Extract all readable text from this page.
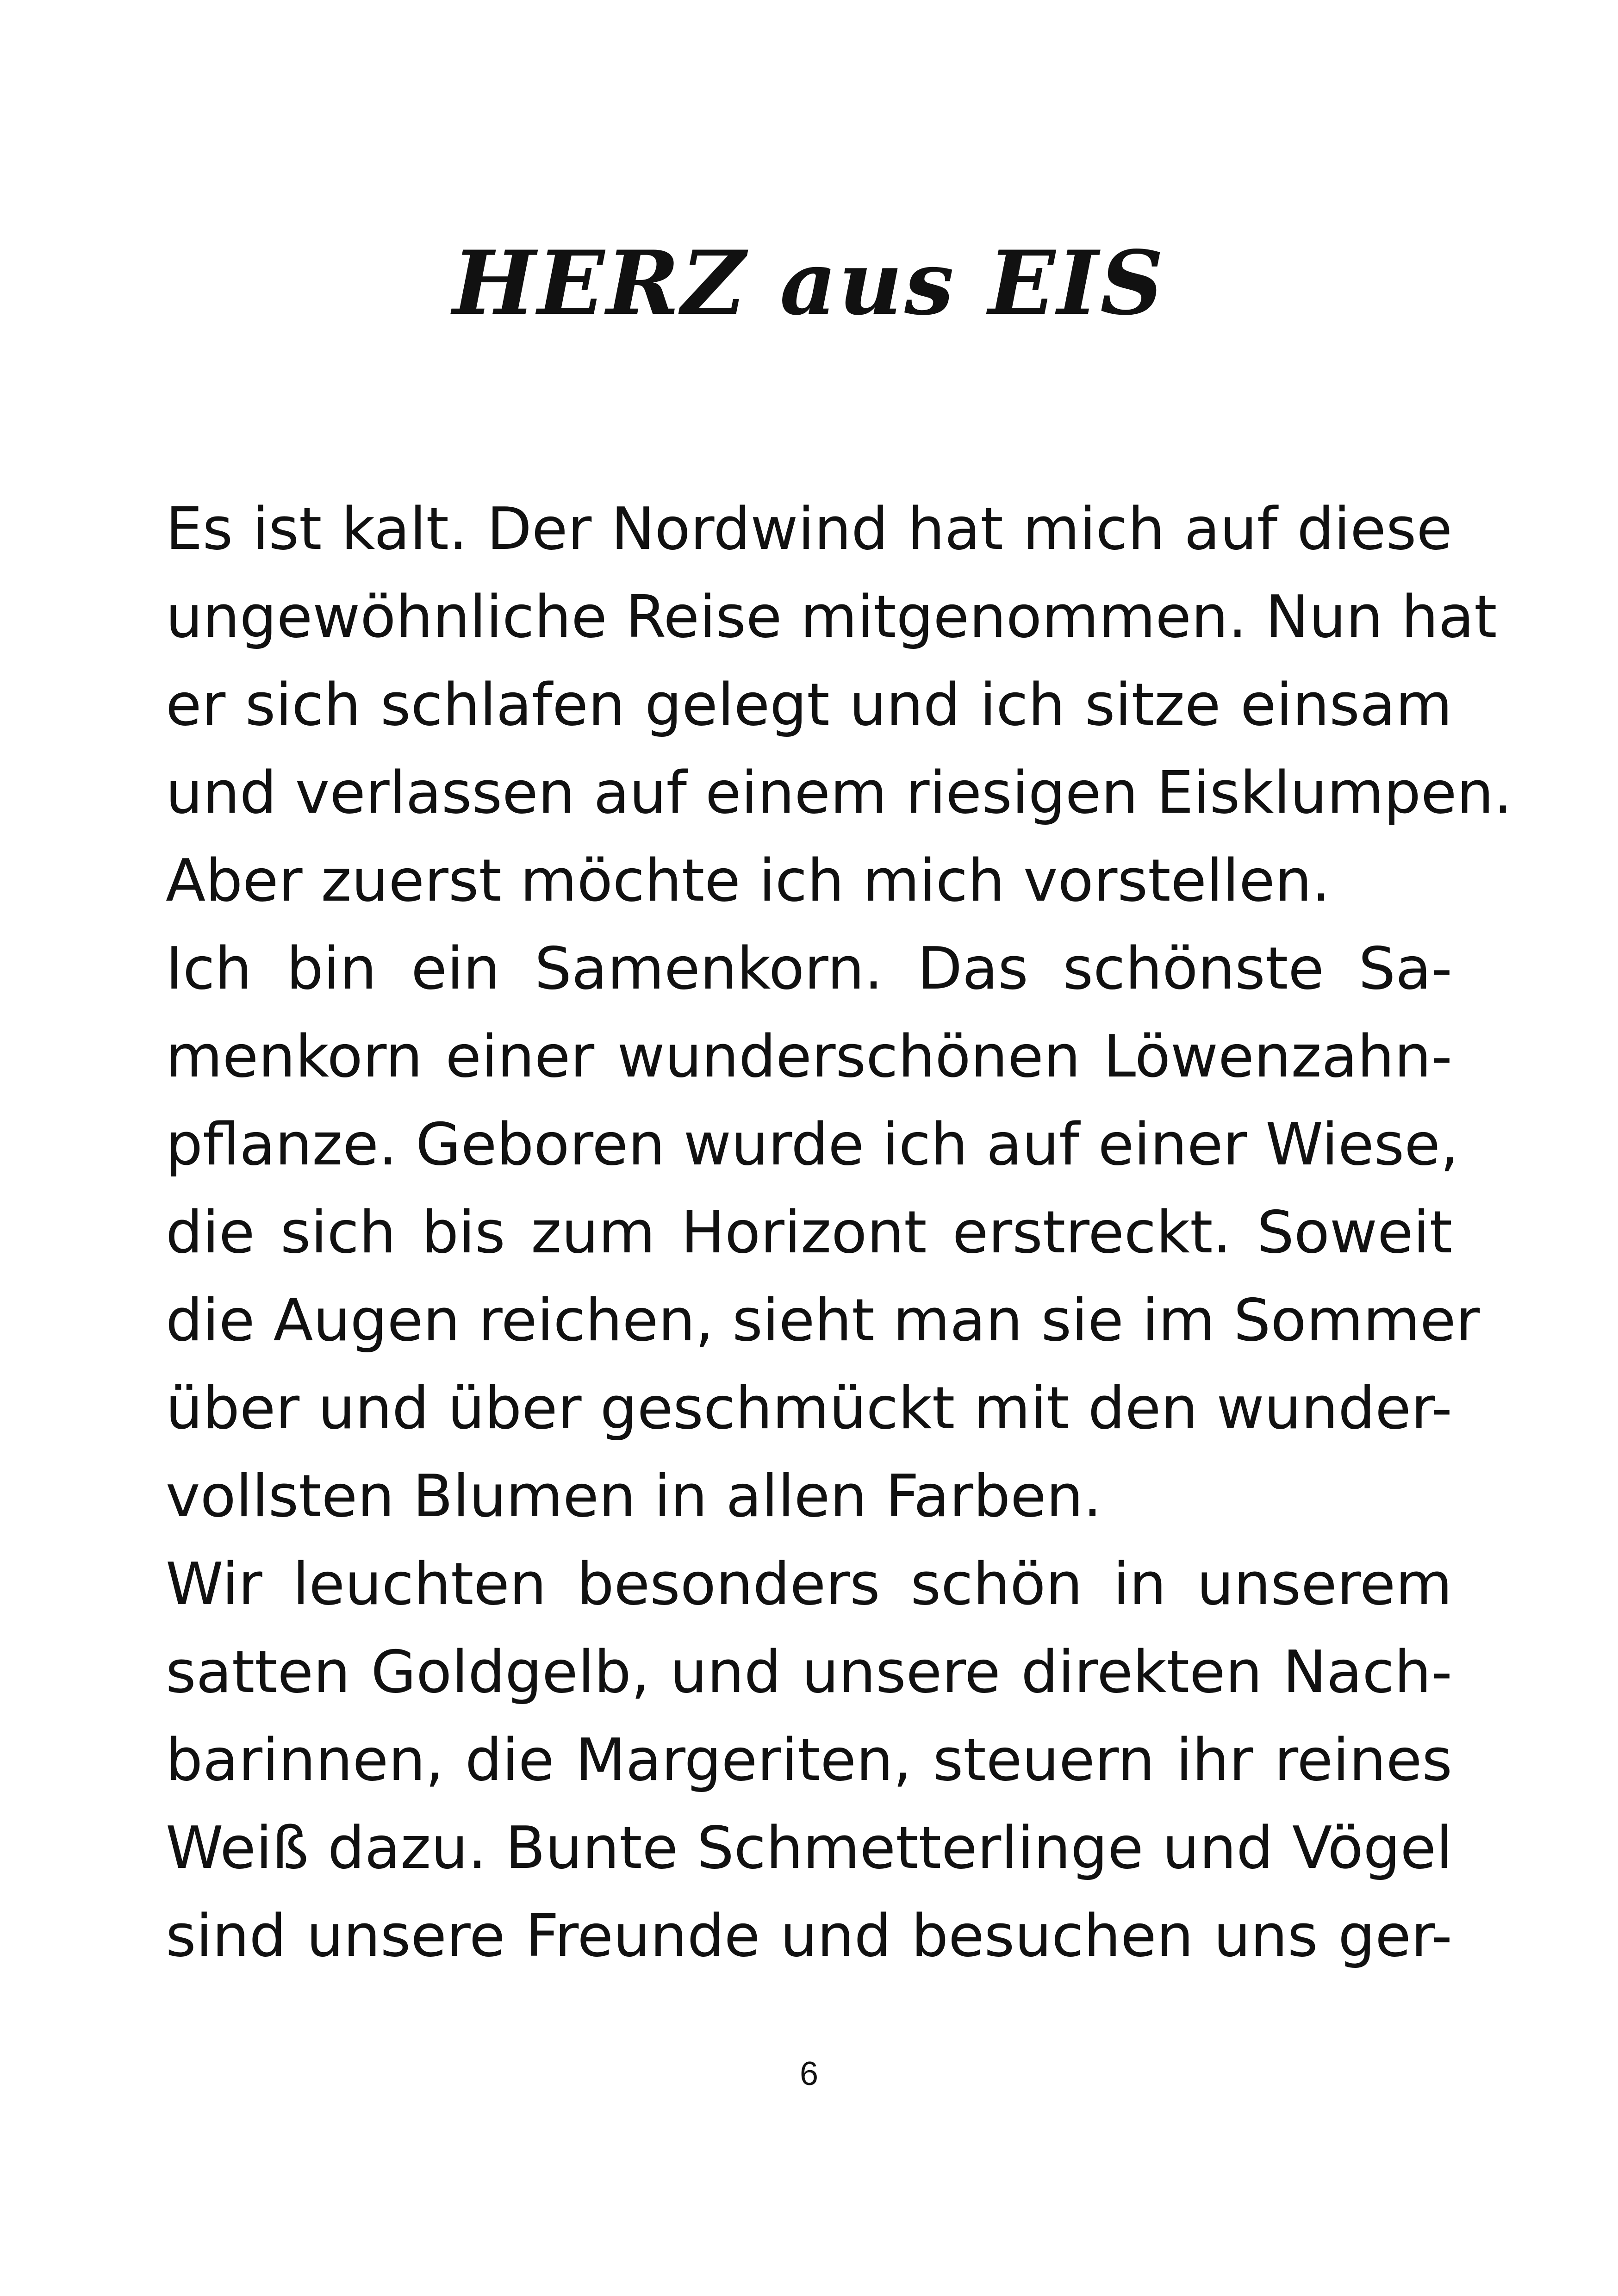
HERZ aus EIS
Es ist kalt. Der Nordwind hat mich auf diese
ungewöhnliche Reise mitgenommen. Nun hat
er sich schlafen gelegt und ich sitze einsam
und verlassen auf einem riesigen Eisklumpen.
Aber zuerst möchte ich mich vorstellen.
Ich bin ein Samenkorn. Das schönste Sa-
menkorn einer wunderschönen Löwenzahn-
pflanze. Geboren wurde ich auf einer Wiese,
die sich bis zum Horizont erstreckt. Soweit
die Augen reichen, sieht man sie im Sommer
über und über geschmückt mit den wunder-
vollsten Blumen in allen Farben.
Wir leuchten besonders schön in unserem
satten Goldgelb, und unsere direkten Nach-
barinnen, die Margeriten, steuern ihr reines
Weiß dazu. Bunte Schmetterlinge und Vögel
sind unsere Freunde und besuchen uns ger-
6
